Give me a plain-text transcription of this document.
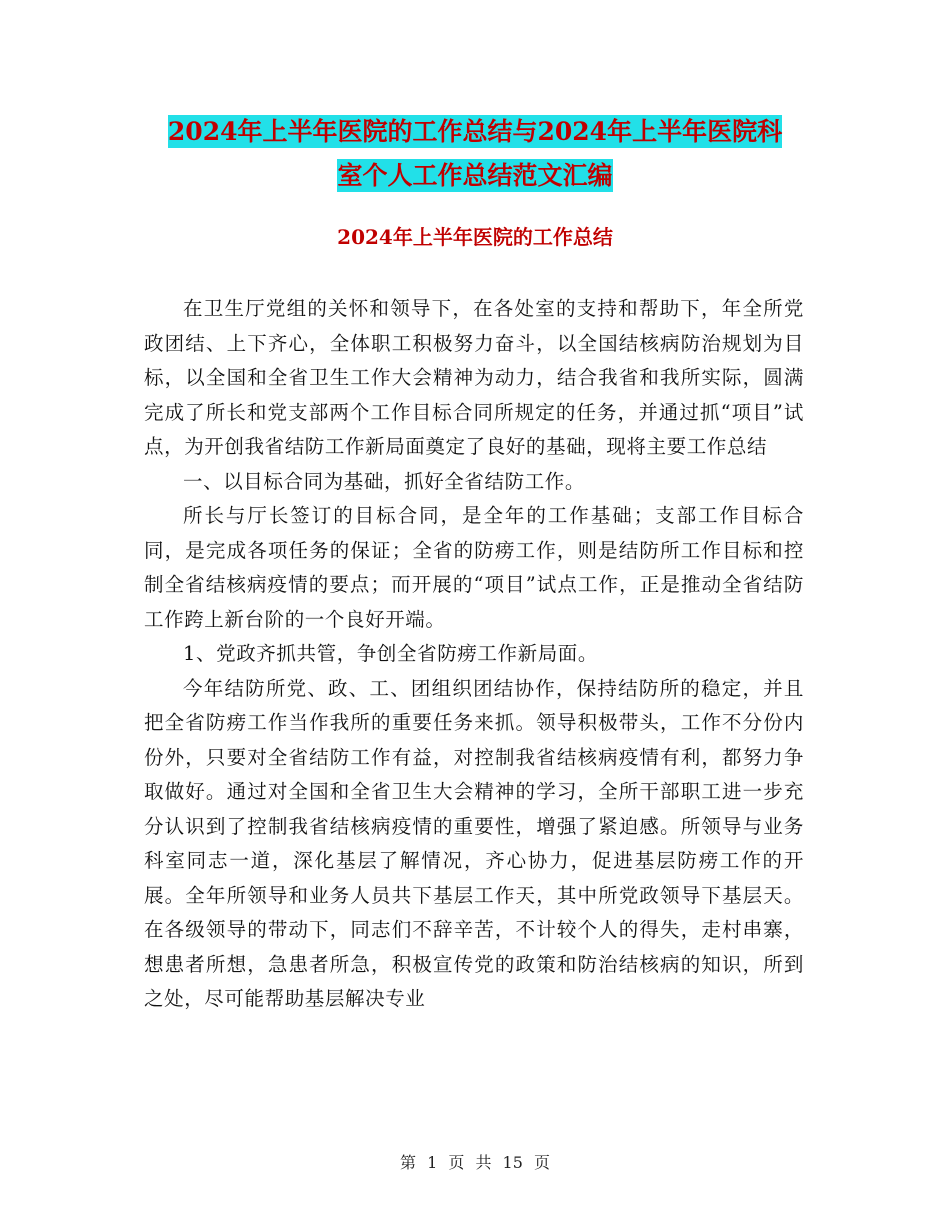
2024年上半年医院的工作总结与2024年上半年医院科
室个人工作总结范文汇编
2024年上半年医院的工作总结

在卫生厅党组的关怀和领导下，在各处室的支持和帮助下，年全所党政团结、上下齐心，全体职工积极努力奋斗，以全国结核病防治规划为目标，以全国和全省卫生工作大会精神为动力，结合我省和我所实际，圆满完成了所长和党支部两个工作目标合同所规定的任务，并通过抓“项目”试点，为开创我省结防工作新局面奠定了良好的基础，现将主要工作总结

一、以目标合同为基础，抓好全省结防工作。

所长与厅长签订的目标合同，是全年的工作基础；支部工作目标合同，是完成各项任务的保证；全省的防痨工作，则是结防所工作目标和控制全省结核病疫情的要点；而开展的“项目”试点工作，正是推动全省结防工作跨上新台阶的一个良好开端。

1、党政齐抓共管，争创全省防痨工作新局面。

今年结防所党、政、工、团组织团结协作，保持结防所的稳定，并且把全省防痨工作当作我所的重要任务来抓。领导积极带头，工作不分份内份外，只要对全省结防工作有益，对控制我省结核病疫情有利，都努力争取做好。通过对全国和全省卫生大会精神的学习，全所干部职工进一步充分认识到了控制我省结核病疫情的重要性，增强了紧迫感。所领导与业务科室同志一道，深化基层了解情况，齐心协力，促进基层防痨工作的开展。全年所领导和业务人员共下基层工作天，其中所党政领导下基层天。在各级领导的带动下，同志们不辞辛苦，不计较个人的得失，走村串寨，想患者所想，急患者所急，积极宣传党的政策和防治结核病的知识，所到之处，尽可能帮助基层解决专业

第 1 页 共 15 页
